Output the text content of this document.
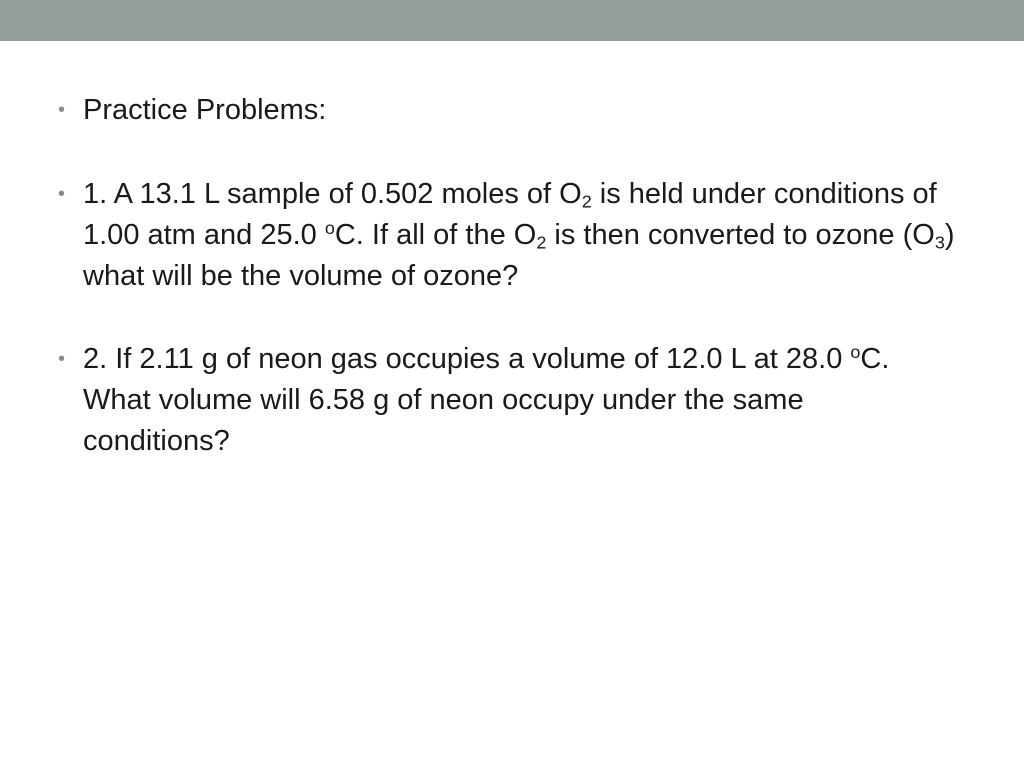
• Practice Problems:
• 1. A 13.1 L sample of 0.502 moles of $O_2$ is held under conditions of 1.00 atm and 25.0 $^o$C. If all of the $O_2$ is then converted to ozone $(O_3)$ what will be the volume of ozone?
• 2. If 2.11 g of neon gas occupies a volume of 12.0 L at 28.0 $^o$C. What volume will 6.58 g of neon occupy under the same conditions?
